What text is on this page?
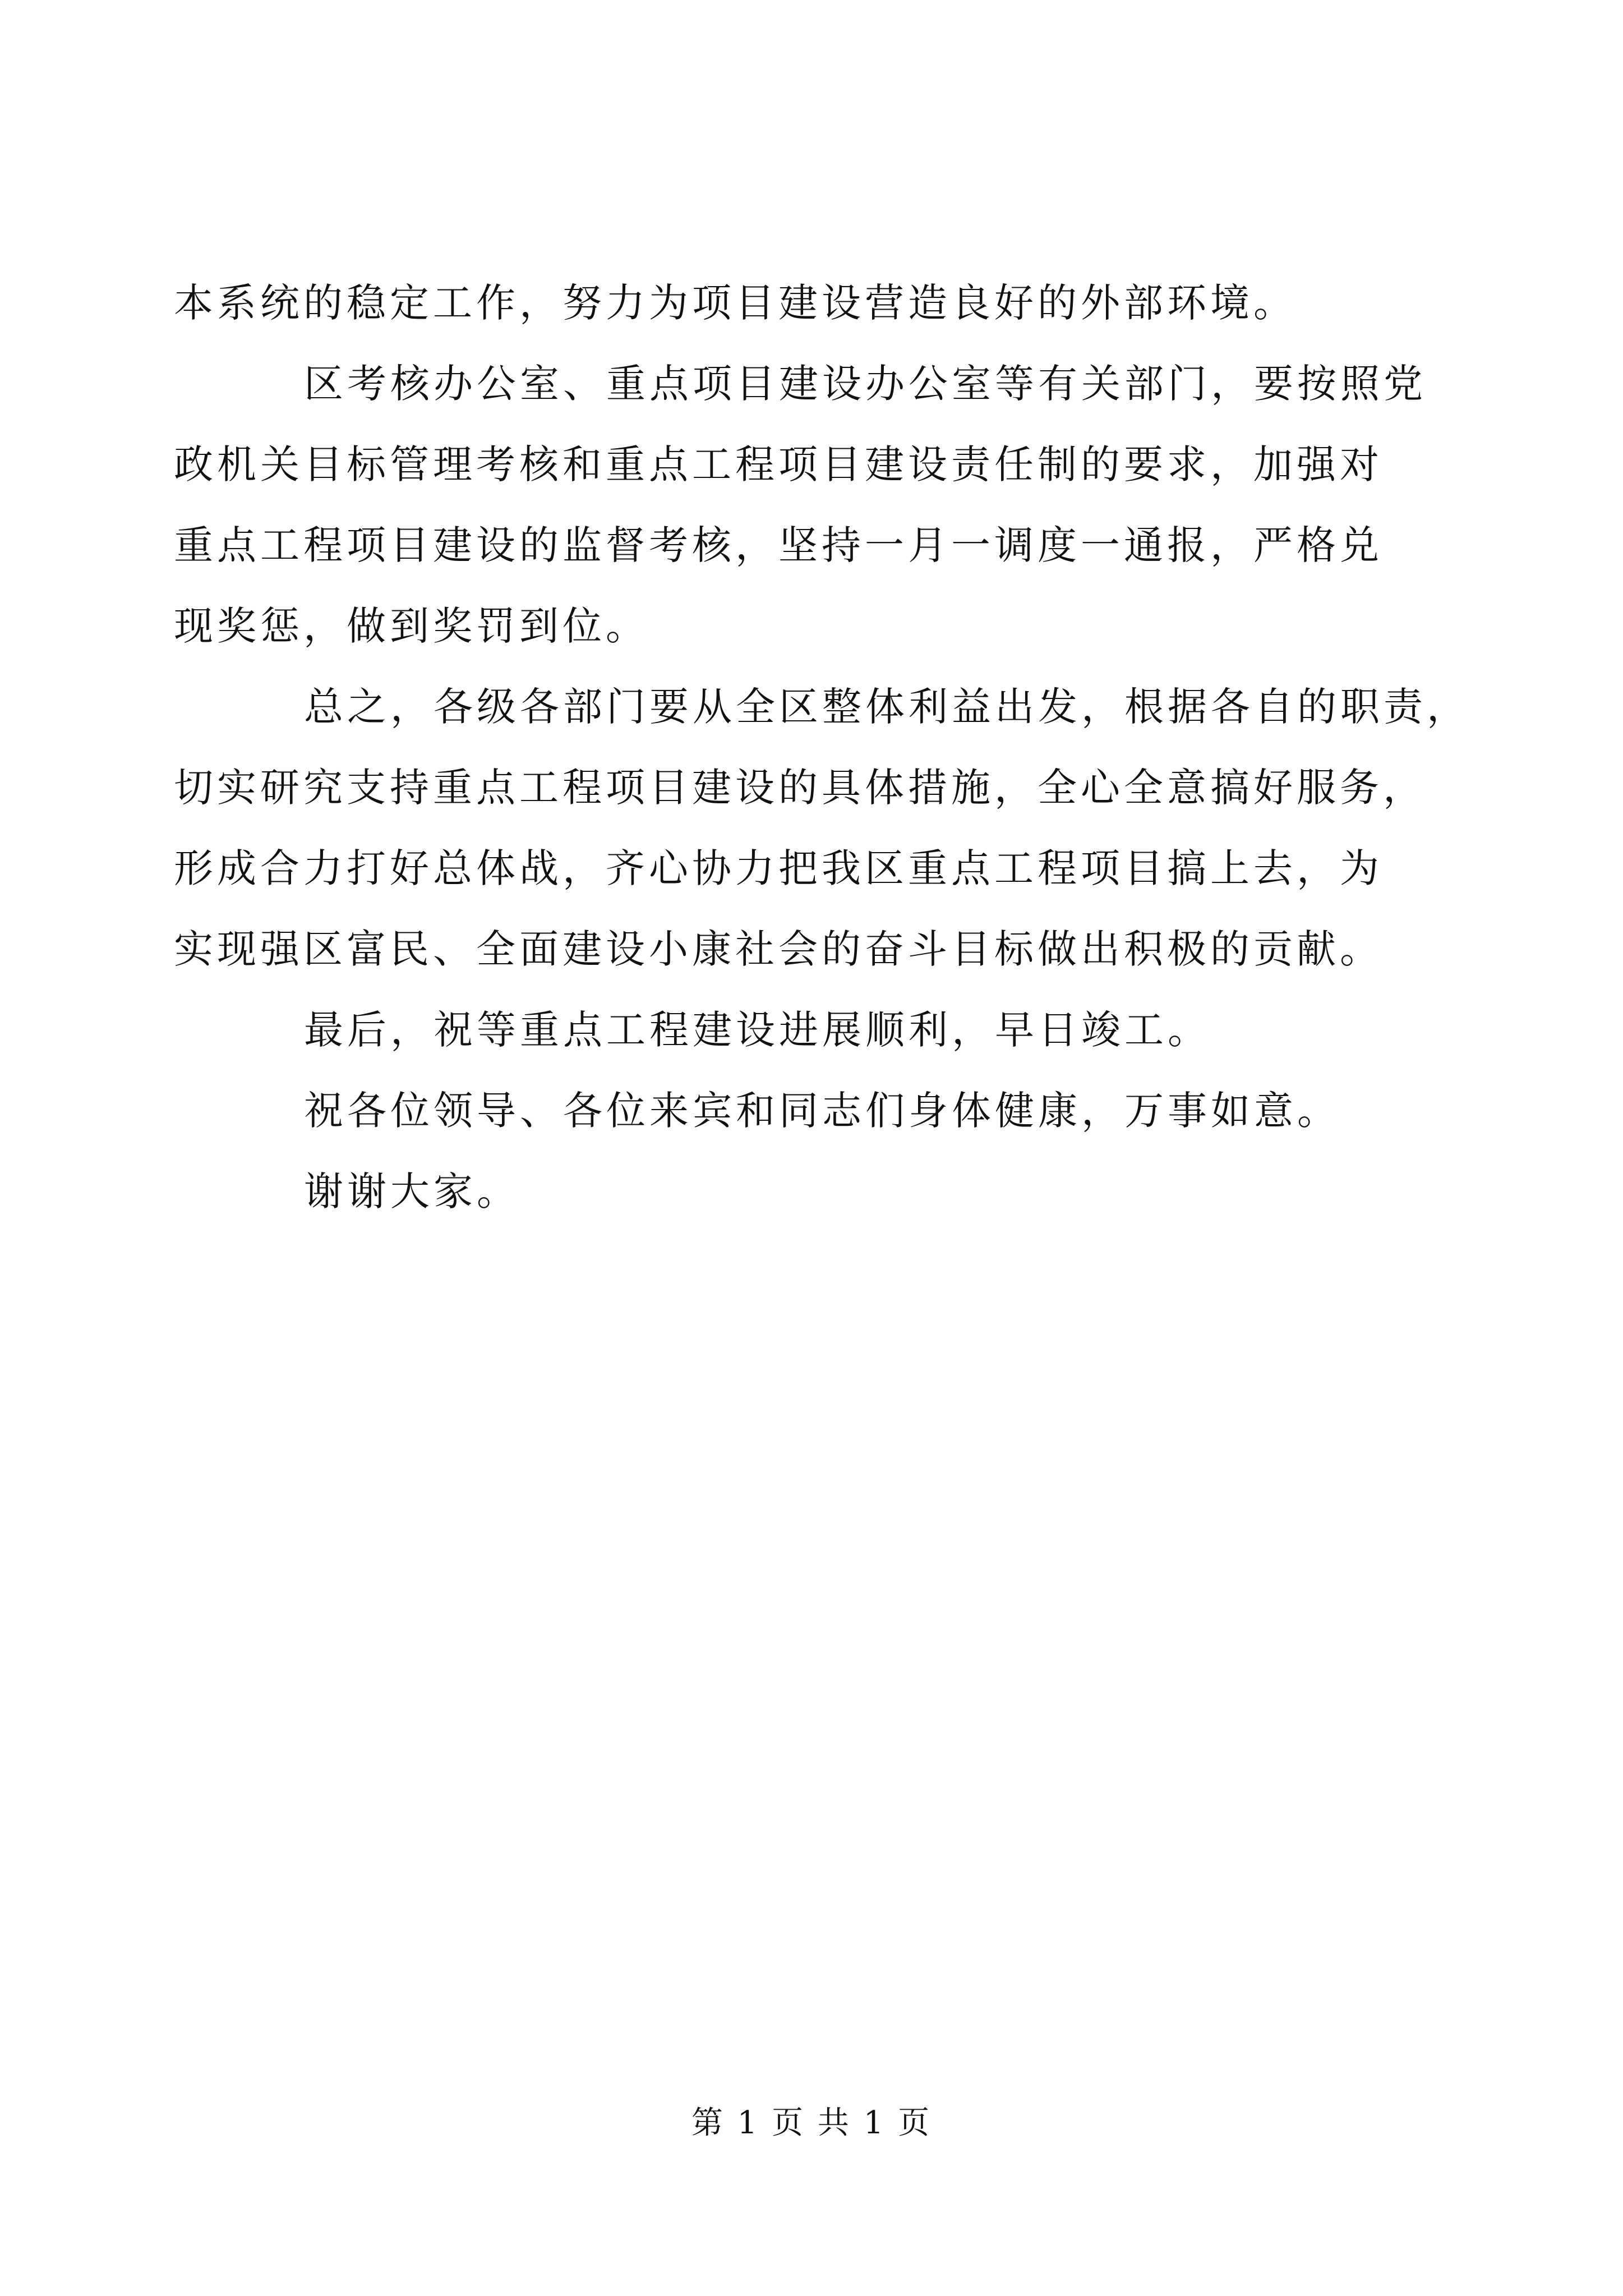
本系统的稳定工作，努力为项目建设营造良好的外部环境。

区考核办公室、重点项目建设办公室等有关部门，要按照党

政机关目标管理考核和重点工程项目建设责任制的要求，加强对

重点工程项目建设的监督考核，坚持一月一调度一通报，严格兑

现奖惩，做到奖罚到位。

总之，各级各部门要从全区整体利益出发，根据各自的职责，

切实研究支持重点工程项目建设的具体措施，全心全意搞好服务，

形成合力打好总体战，齐心协力把我区重点工程项目搞上去，为

实现强区富民、全面建设小康社会的奋斗目标做出积极的贡献。

最后，祝等重点工程建设进展顺利，早日竣工。

祝各位领导、各位来宾和同志们身体健康，万事如意。

谢谢大家。

第 1 页 共 1 页
